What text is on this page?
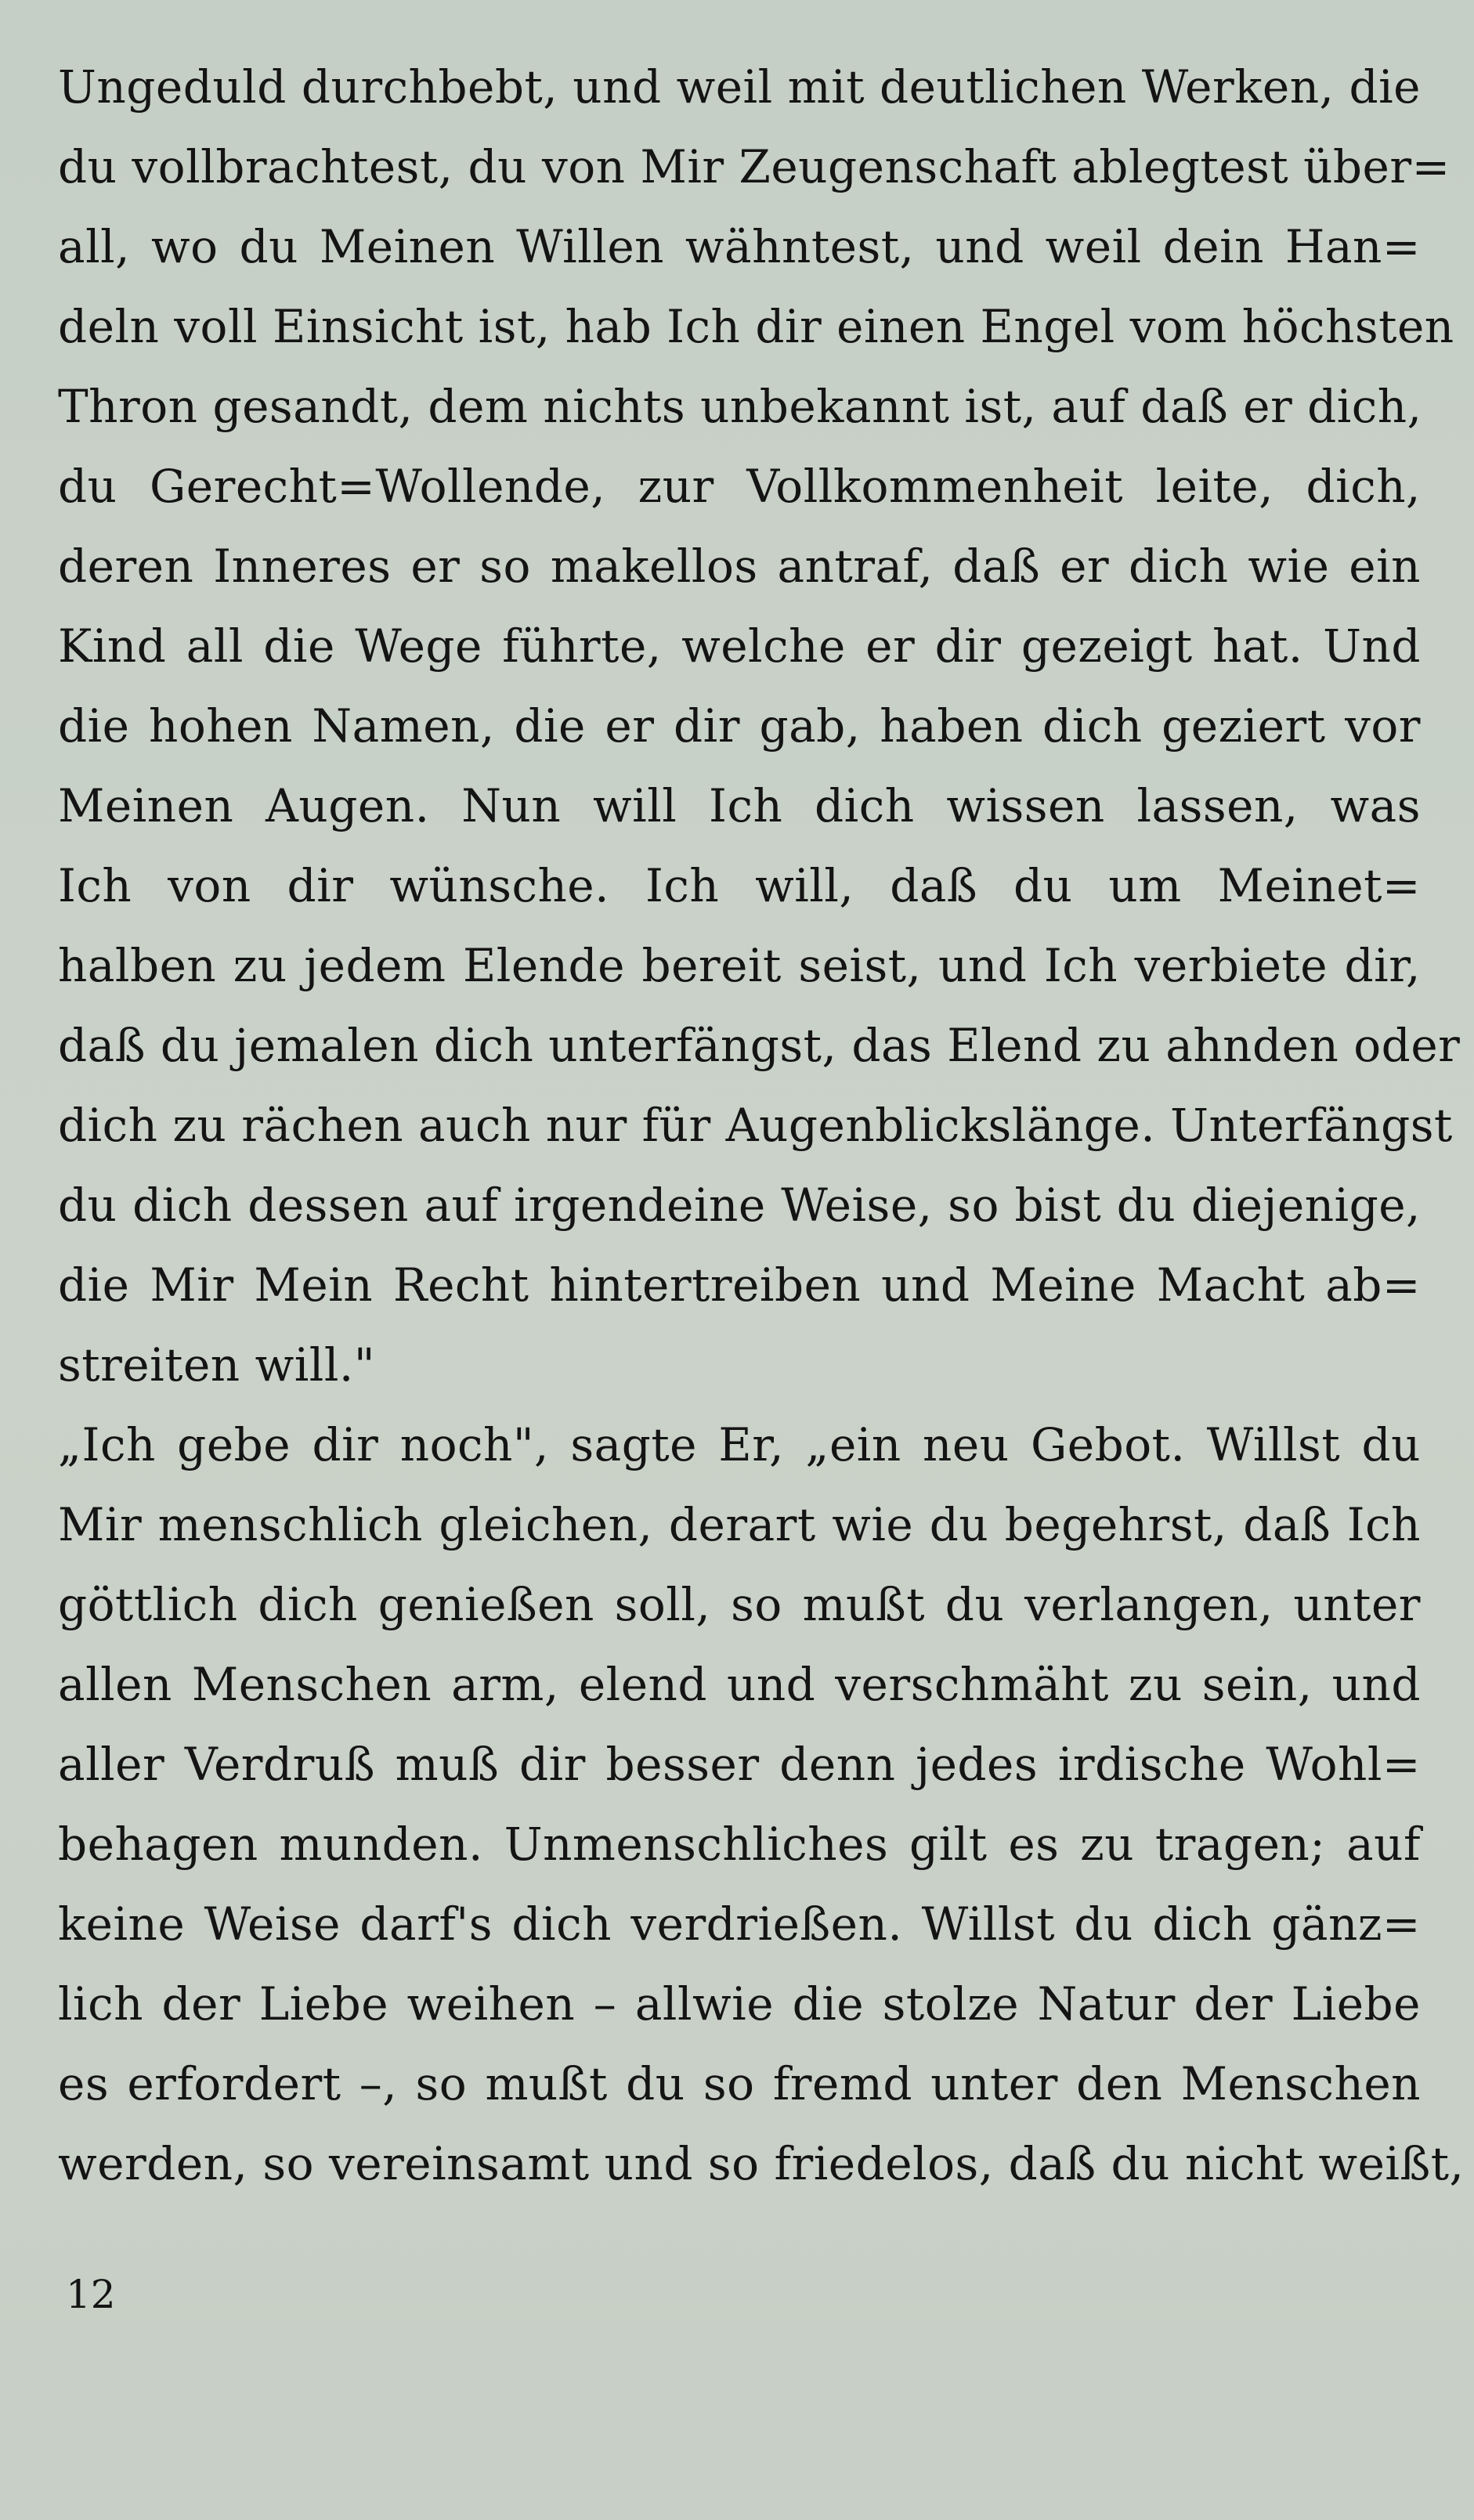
Ungeduld durchbebt, und weil mit deutlichen Werken, die
du vollbrachtest, du von Mir Zeugenschaft ablegtest über=
all, wo du Meinen Willen wähntest, und weil dein Han=
deln voll Einsicht ist, hab Ich dir einen Engel vom höchsten
Thron gesandt, dem nichts unbekannt ist, auf daß er dich,
du Gerecht=Wollende, zur Vollkommenheit leite, dich,
deren Inneres er so makellos antraf, daß er dich wie ein
Kind all die Wege führte, welche er dir gezeigt hat. Und
die hohen Namen, die er dir gab, haben dich geziert vor
Meinen Augen. Nun will Ich dich wissen lassen, was
Ich von dir wünsche. Ich will, daß du um Meinet=
halben zu jedem Elende bereit seist, und Ich verbiete dir,
daß du jemalen dich unterfängst, das Elend zu ahnden oder
dich zu rächen auch nur für Augenblickslänge. Unterfängst
du dich dessen auf irgendeine Weise, so bist du diejenige,
die Mir Mein Recht hintertreiben und Meine Macht ab=
streiten will."
„Ich gebe dir noch", sagte Er, „ein neu Gebot. Willst du
Mir menschlich gleichen, derart wie du begehrst, daß Ich
göttlich dich genießen soll, so mußt du verlangen, unter
allen Menschen arm, elend und verschmäht zu sein, und
aller Verdruß muß dir besser denn jedes irdische Wohl=
behagen munden. Unmenschliches gilt es zu tragen; auf
keine Weise darf's dich verdrießen. Willst du dich gänz=
lich der Liebe weihen – allwie die stolze Natur der Liebe
es erfordert –, so mußt du so fremd unter den Menschen
werden, so vereinsamt und so friedelos, daß du nicht weißt,
12
